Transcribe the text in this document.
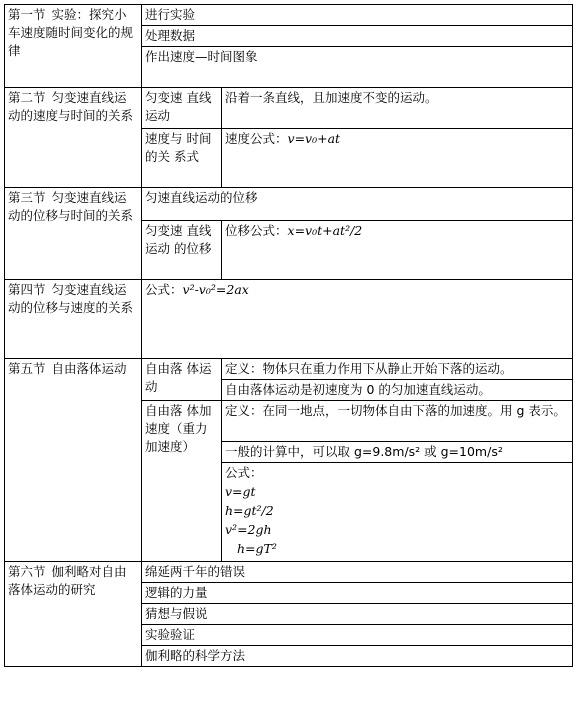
第一节 实验：探究小车速度随时间变化的规律	进行实验	
	处理数据	
	作出速度—时间图象	
第二节 匀变速直线运动的速度与时间的关系	匀变速 直线运动	沿着一条直线，且加速度不变的运动。
	速度与 时间的关 系式	速度公式：v=v₀+at
第三节 匀变速直线运动的位移与时间的关系	匀速直线运动的位移	
	匀变速 直线运动 的位移	位移公式：x=v₀t+at²/2
第四节 匀变速直线运动的位移与速度的关系	公式：v²-v₀²=2ax	
第五节 自由落体运动	自由落 体运动	定义：物体只在重力作用下从静止开始下落的运动。
		自由落体运动是初速度为 0 的匀加速直线运动。
	自由落 体加速度（重力加速度）	定义：在同一地点，一切物体自由下落的加速度。用 g 表示。
		一般的计算中，可以取 g=9.8m/s² 或 g=10m/s²
		公式：
v=gt
h=gt²/2
v²=2gh
h=gT²

第六节 伽利略对自由落体运动的研究	绵延两千年的错误	
	逻辑的力量	
	猜想与假说	
	实验验证	
	伽利略的科学方法	
